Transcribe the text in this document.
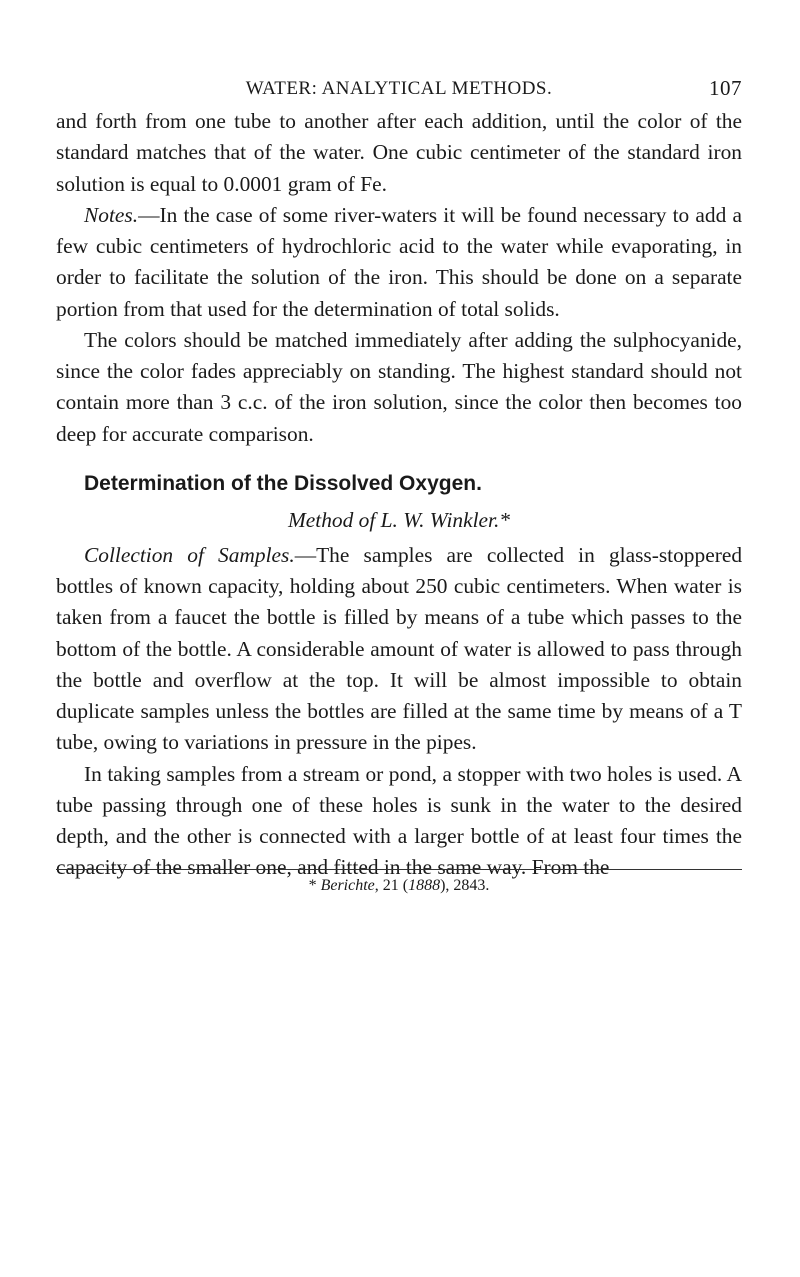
WATER: ANALYTICAL METHODS.	107

and forth from one tube to another after each addition, until the color of the standard matches that of the water. One cubic centimeter of the standard iron solution is equal to 0.0001 gram of Fe.

Notes.—In the case of some river-waters it will be found necessary to add a few cubic centimeters of hydrochloric acid to the water while evaporating, in order to facilitate the solution of the iron. This should be done on a separate portion from that used for the determination of total solids.

The colors should be matched immediately after adding the sulphocyanide, since the color fades appreciably on standing. The highest standard should not contain more than 3 c.c. of the iron solution, since the color then becomes too deep for accurate comparison.

Determination of the Dissolved Oxygen.
Method of L. W. Winkler.*

Collection of Samples.—The samples are collected in glass-stoppered bottles of known capacity, holding about 250 cubic centimeters. When water is taken from a faucet the bottle is filled by means of a tube which passes to the bottom of the bottle. A considerable amount of water is allowed to pass through the bottle and overflow at the top. It will be almost impossible to obtain duplicate samples unless the bottles are filled at the same time by means of a T tube, owing to variations in pressure in the pipes.

In taking samples from a stream or pond, a stopper with two holes is used. A tube passing through one of these holes is sunk in the water to the desired depth, and the other is connected with a larger bottle of at least four times the capacity of the smaller one, and fitted in the same way. From the

* Berichte, 21 (1888), 2843.
